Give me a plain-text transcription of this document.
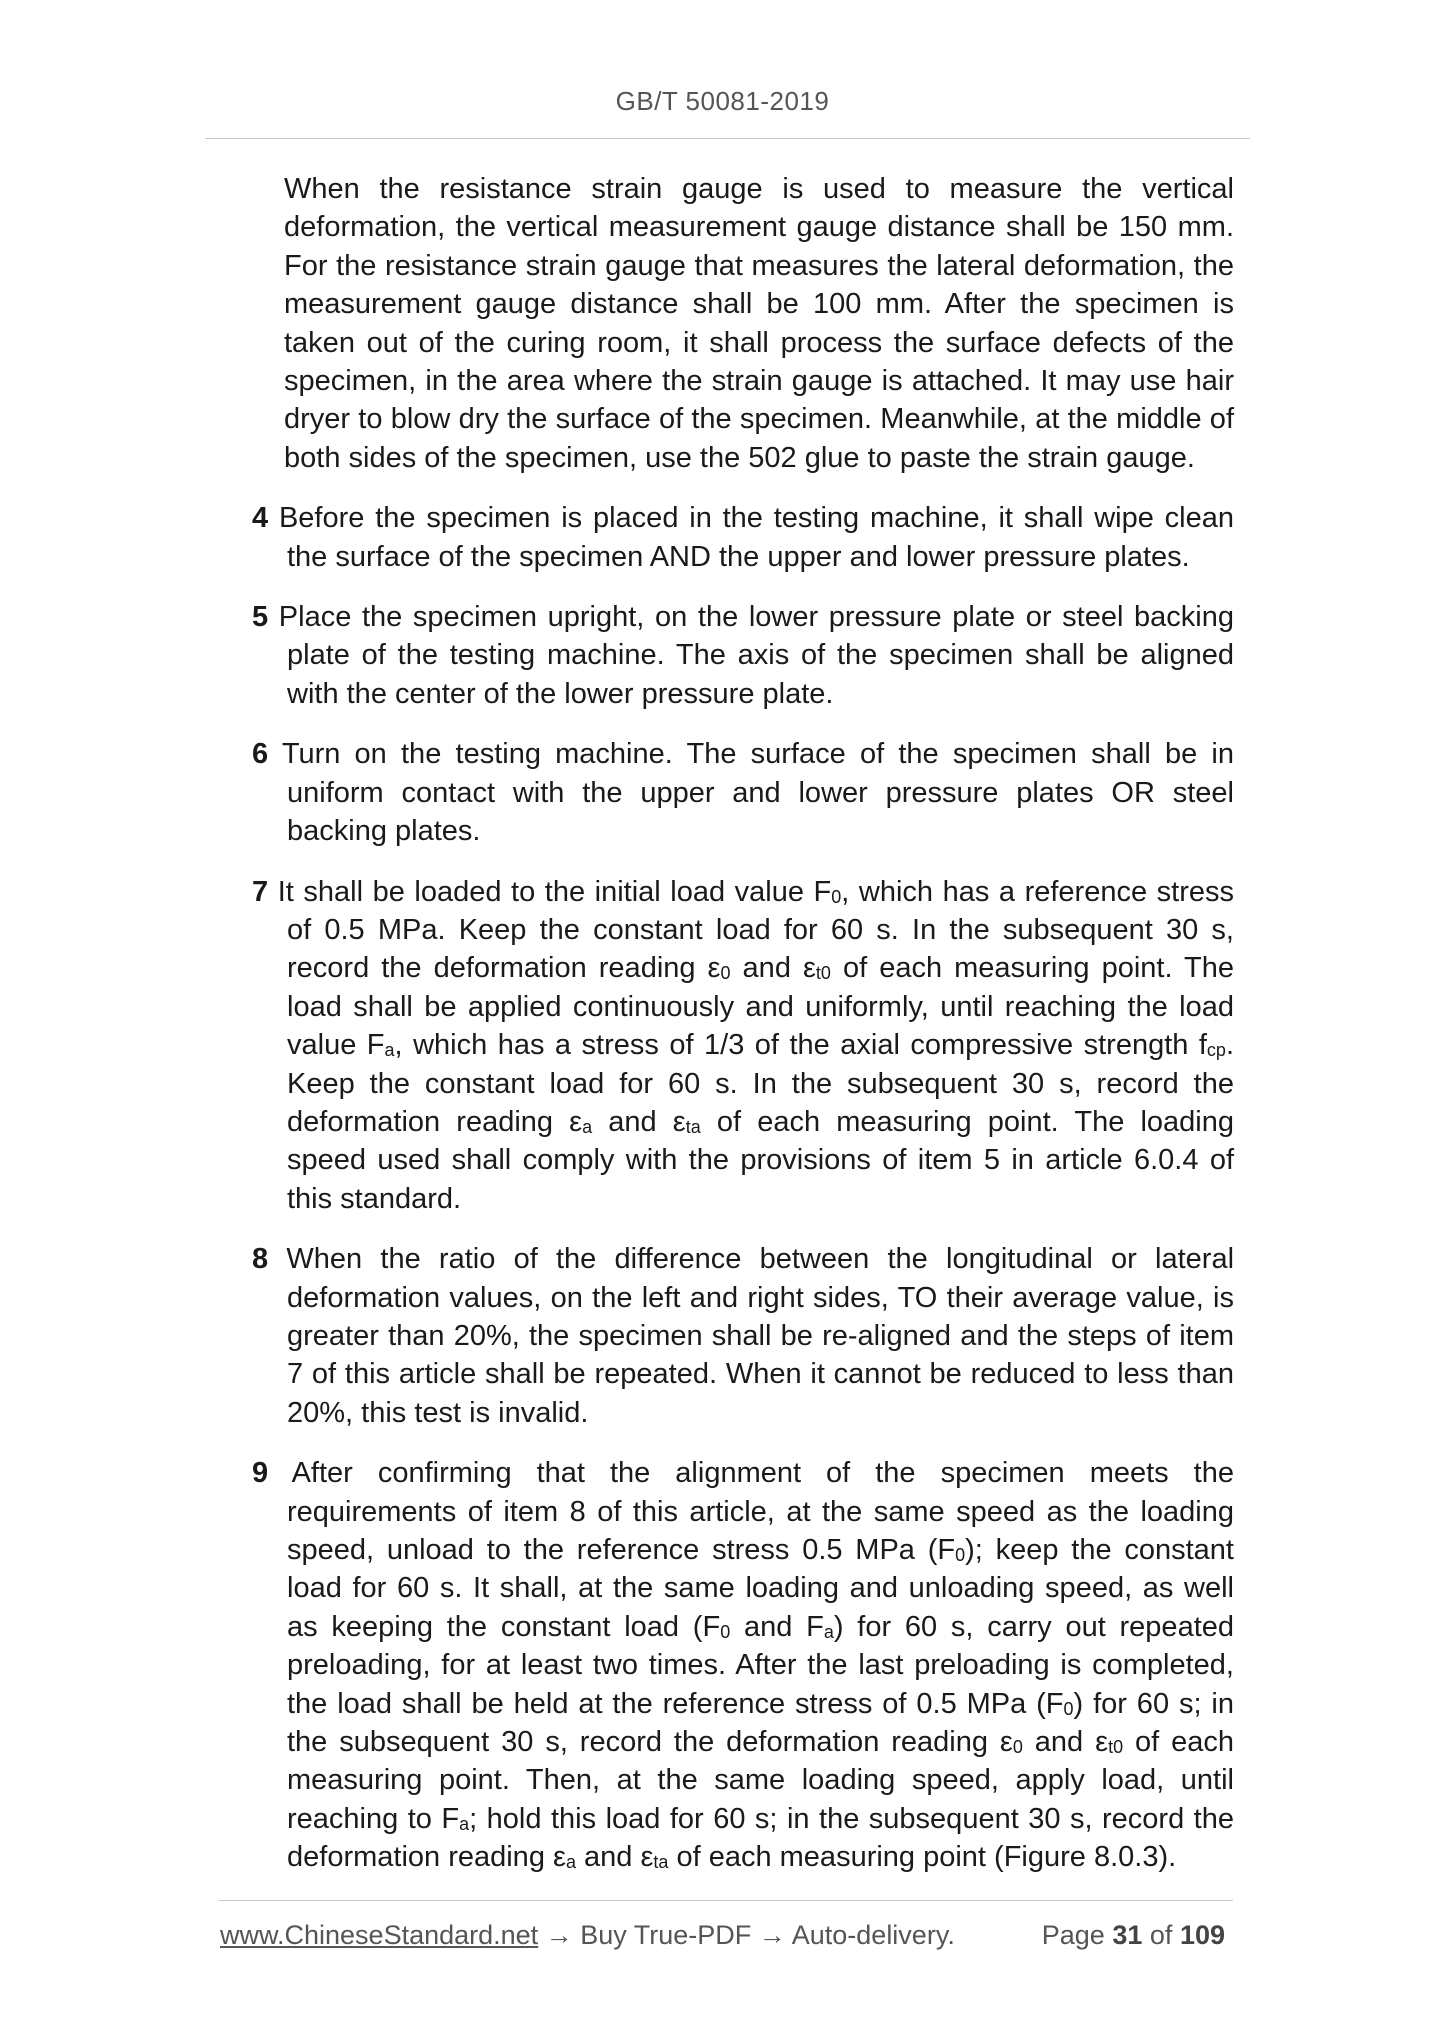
GB/T 50081-2019

When the resistance strain gauge is used to measure the vertical deformation, the vertical measurement gauge distance shall be 150 mm. For the resistance strain gauge that measures the lateral deformation, the measurement gauge distance shall be 100 mm. After the specimen is taken out of the curing room, it shall process the surface defects of the specimen, in the area where the strain gauge is attached. It may use hair dryer to blow dry the surface of the specimen. Meanwhile, at the middle of both sides of the specimen, use the 502 glue to paste the strain gauge.

4 Before the specimen is placed in the testing machine, it shall wipe clean the surface of the specimen AND the upper and lower pressure plates.

5 Place the specimen upright, on the lower pressure plate or steel backing plate of the testing machine. The axis of the specimen shall be aligned with the center of the lower pressure plate.

6 Turn on the testing machine. The surface of the specimen shall be in uniform contact with the upper and lower pressure plates OR steel backing plates.

7 It shall be loaded to the initial load value $F_0$, which has a reference stress of 0.5 MPa. Keep the constant load for 60 s. In the subsequent 30 s, record the deformation reading $\varepsilon_0$ and $\varepsilon_{t0}$ of each measuring point. The load shall be applied continuously and uniformly, until reaching the load value $F_a$, which has a stress of 1/3 of the axial compressive strength $f_{cp}$. Keep the constant load for 60 s. In the subsequent 30 s, record the deformation reading $\varepsilon_a$ and $\varepsilon_{ta}$ of each measuring point. The loading speed used shall comply with the provisions of item 5 in article 6.0.4 of this standard.

8 When the ratio of the difference between the longitudinal or lateral deformation values, on the left and right sides, TO their average value, is greater than 20%, the specimen shall be re-aligned and the steps of item 7 of this article shall be repeated. When it cannot be reduced to less than 20%, this test is invalid.

9 After confirming that the alignment of the specimen meets the requirements of item 8 of this article, at the same speed as the loading speed, unload to the reference stress 0.5 MPa $(F_0)$; keep the constant load for 60 s. It shall, at the same loading and unloading speed, as well as keeping the constant load ($F_0$ and $F_a$) for 60 s, carry out repeated preloading, for at least two times. After the last preloading is completed, the load shall be held at the reference stress of 0.5 MPa $(F_0)$ for 60 s; in the subsequent 30 s, record the deformation reading $\varepsilon_0$ and $\varepsilon_{t0}$ of each measuring point. Then, at the same loading speed, apply load, until reaching to $F_a$; hold this load for 60 s; in the subsequent 30 s, record the deformation reading $\varepsilon_a$ and $\varepsilon_{ta}$ of each measuring point (Figure 8.0.3).

www.ChineseStandard.net → Buy True-PDF → Auto-delivery.	Page 31 of 109
